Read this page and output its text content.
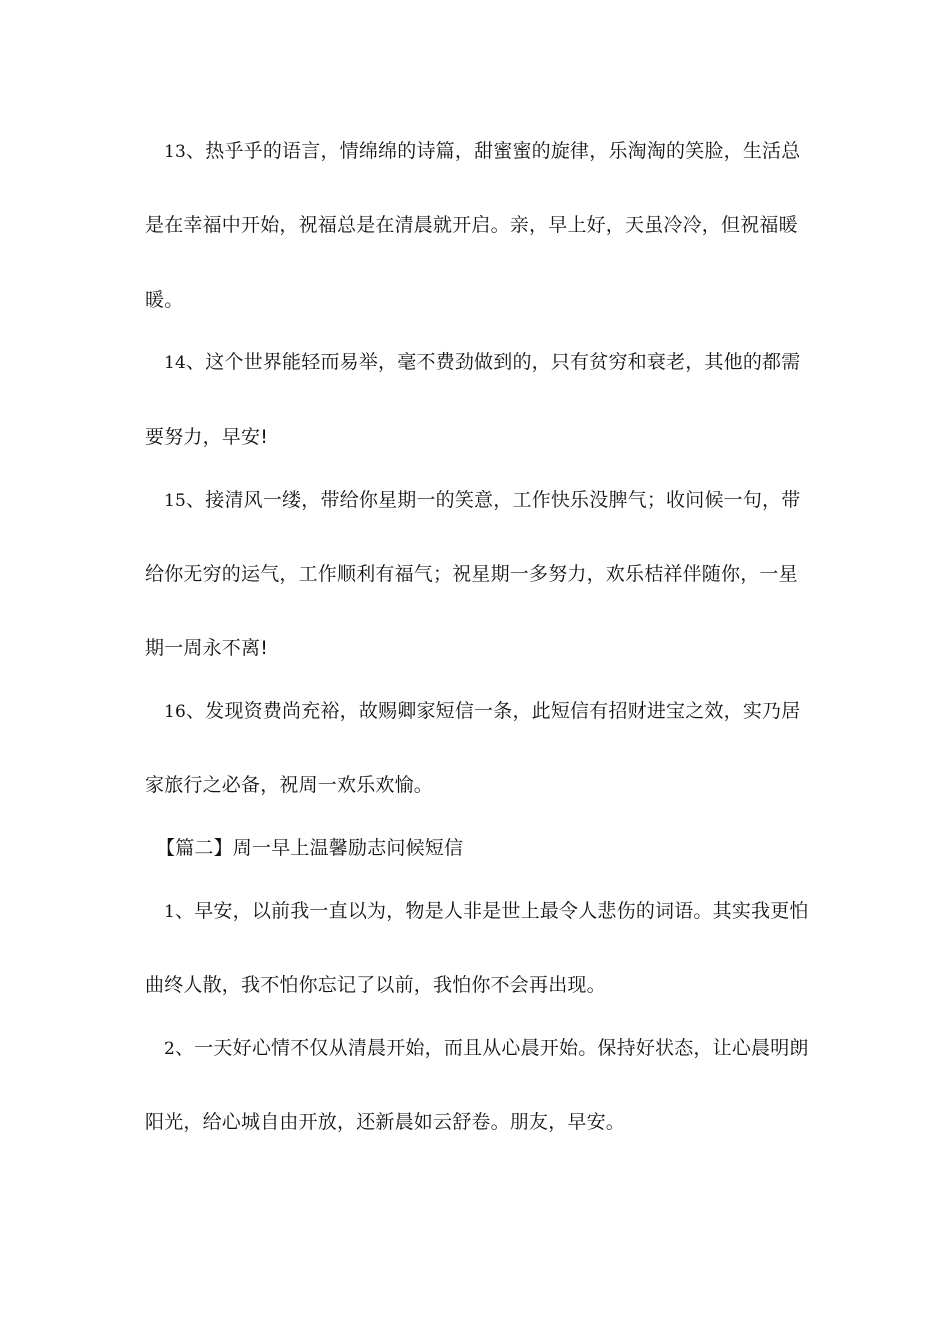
13、热乎乎的语言，情绵绵的诗篇，甜蜜蜜的旋律，乐淘淘的笑脸，生活总
是在幸福中开始，祝福总是在清晨就开启。亲，早上好，天虽冷冷，但祝福暖
暖。
14、这个世界能轻而易举，毫不费劲做到的，只有贫穷和衰老，其他的都需
要努力，早安!
15、接清风一缕，带给你星期一的笑意，工作快乐没脾气；收问候一句，带
给你无穷的运气，工作顺利有福气；祝星期一多努力，欢乐桔祥伴随你，一星
期一周永不离!
16、发现资费尚充裕，故赐卿家短信一条，此短信有招财进宝之效，实乃居
家旅行之必备，祝周一欢乐欢愉。
【篇二】周一早上温馨励志问候短信
1、早安，以前我一直以为，物是人非是世上最令人悲伤的词语。其实我更怕
曲终人散，我不怕你忘记了以前，我怕你不会再出现。
2、一天好心情不仅从清晨开始，而且从心晨开始。保持好状态，让心晨明朗
阳光，给心城自由开放，还新晨如云舒卷。朋友，早安。
